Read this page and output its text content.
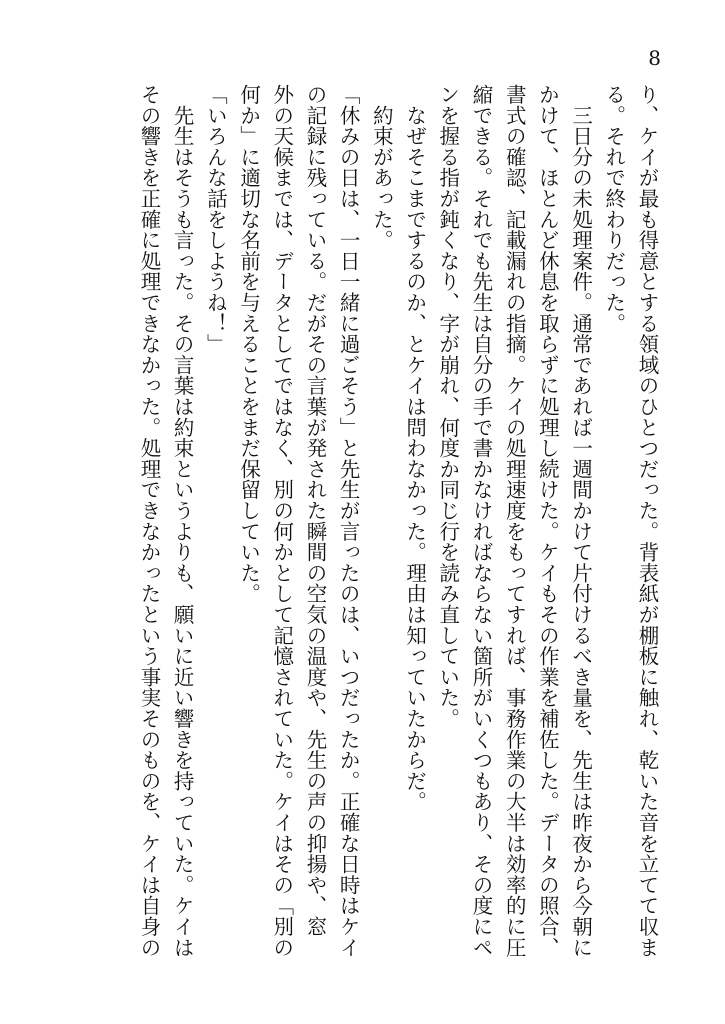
8
り、ケイが最も得意とする領域のひとつだった。背表紙が棚板に触れ、乾いた音を立てて収ま
る。それで終わりだった。
　三日分の未処理案件。通常であれば一週間かけて片付けるべき量を、先生は昨夜から今朝に
かけて、ほとんど休息を取らずに処理し続けた。ケイもその作業を補佐した。データの照合、
書式の確認、記載漏れの指摘。ケイの処理速度をもってすれば、事務作業の大半は効率的に圧
縮できる。それでも先生は自分の手で書かなければならない箇所がいくつもあり、その度にペ
ンを握る指が鈍くなり、字が崩れ、何度か同じ行を読み直していた。
　なぜそこまでするのか、とケイは問わなかった。理由は知っていたからだ。
　約束があった。
「休みの日は、一日一緒に過ごそう」と先生が言ったのは、いつだったか。正確な日時はケイ
の記録に残っている。だがその言葉が発された瞬間の空気の温度や、先生の声の抑揚や、窓
外の天候までは、データとしてではなく、別の何かとして記憶されていた。ケイはその「別の
何か」に適切な名前を与えることをまだ保留していた。
「いろんな話をしようね！」
　先生はそうも言った。その言葉は約束というよりも、願いに近い響きを持っていた。ケイは
その響きを正確に処理できなかった。処理できなかったという事実そのものを、ケイは自身の
